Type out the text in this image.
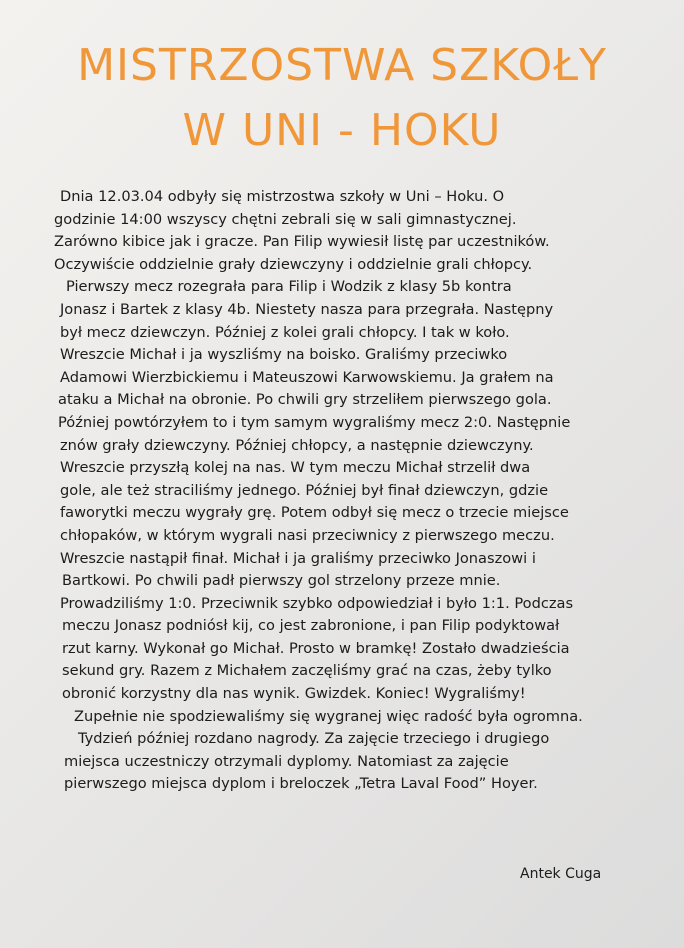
MISTRZOSTWA SZKOŁY
W UNI - HOKU
Dnia 12.03.04 odbyły się mistrzostwa szkoły w Uni – Hoku. O
godzinie 14:00 wszyscy chętni zebrali się w sali gimnastycznej.
Zarówno kibice jak i gracze. Pan Filip wywiesił listę par uczestników.
Oczywiście oddzielnie grały dziewczyny i oddzielnie grali chłopcy.
Pierwszy mecz rozegrała para Filip i Wodzik z klasy 5b kontra
Jonasz i Bartek z klasy 4b. Niestety nasza para przegrała. Następny
był mecz dziewczyn. Później z kolei grali chłopcy. I tak w koło.
Wreszcie Michał i ja wyszliśmy na boisko. Graliśmy przeciwko
Adamowi Wierzbickiemu i Mateuszowi Karwowskiemu. Ja grałem na
ataku a Michał na obronie. Po chwili gry strzeliłem pierwszego gola.
Później powtórzyłem to i tym samym wygraliśmy mecz 2:0. Następnie
znów grały dziewczyny. Później chłopcy, a następnie dziewczyny.
Wreszcie przyszłą kolej na nas. W tym meczu Michał strzelił dwa
gole, ale też straciliśmy jednego. Później był finał dziewczyn, gdzie
faworytki meczu wygrały grę. Potem odbył się mecz o trzecie miejsce
chłopaków, w którym wygrali nasi przeciwnicy z pierwszego meczu.
Wreszcie nastąpił finał. Michał i ja graliśmy przeciwko Jonaszowi i
Bartkowi. Po chwili padł pierwszy gol strzelony przeze mnie.
Prowadziliśmy 1:0. Przeciwnik szybko odpowiedział i było 1:1. Podczas
meczu Jonasz podniósł kij, co jest zabronione, i pan Filip podyktował
rzut karny. Wykonał go Michał. Prosto w bramkę! Zostało dwadzieścia
sekund gry. Razem z Michałem zaczęliśmy grać na czas, żeby tylko
obronić korzystny dla nas wynik. Gwizdek. Koniec! Wygraliśmy!
Zupełnie nie spodziewaliśmy się wygranej więc radość była ogromna.
Tydzień później rozdano nagrody. Za zajęcie trzeciego i drugiego
miejsca uczestniczy otrzymali dyplomy. Natomiast za zajęcie
pierwszego miejsca dyplom i breloczek „Tetra Laval Food” Hoyer.
Antek Cuga
